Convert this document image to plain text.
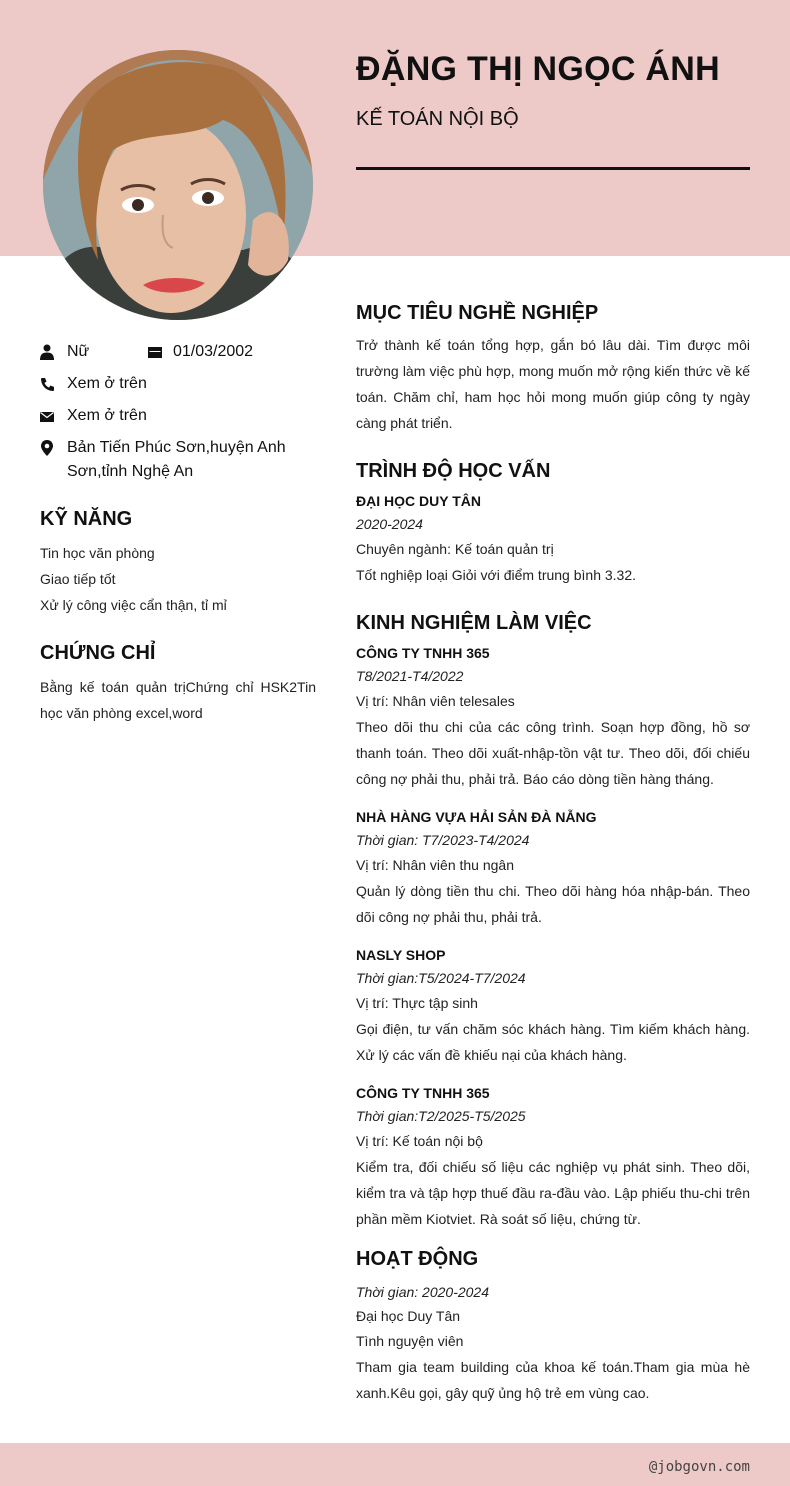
ĐẶNG THỊ NGỌC ÁNH
KẾ TOÁN NỘI BỘ
Nữ	01/03/2002
Xem ở trên
Xem ở trên
Bản Tiến Phúc Sơn,huyện Anh Sơn,tỉnh Nghệ An
KỸ NĂNG
Tin học văn phòng
Giao tiếp tốt
Xử lý công việc cẩn thận, tỉ mỉ
CHỨNG CHỈ
Bằng kế toán quản trịChứng chỉ HSK2Tin học văn phòng excel,word
MỤC TIÊU NGHỀ NGHIỆP
Trở thành kế toán tổng hợp, gắn bó lâu dài. Tìm được môi trường làm việc phù hợp, mong muốn mở rộng kiến thức về kế toán. Chăm chỉ, ham học hỏi mong muốn giúp công ty ngày càng phát triển.
TRÌNH ĐỘ HỌC VẤN
ĐẠI HỌC DUY TÂN
2020-2024
Chuyên ngành: Kế toán quản trị
Tốt nghiệp loại Giỏi với điểm trung bình 3.32.
KINH NGHIỆM LÀM VIỆC
CÔNG TY TNHH 365
T8/2021-T4/2022
Vị trí: Nhân viên telesales
Theo dõi thu chi của các công trình. Soạn hợp đồng, hồ sơ thanh toán. Theo dõi xuất-nhập-tồn vật tư. Theo dõi, đối chiếu công nợ phải thu, phải trả. Báo cáo dòng tiền hàng tháng.
NHÀ HÀNG VỰA HẢI SẢN ĐÀ NẴNG
Thời gian: T7/2023-T4/2024
Vị trí: Nhân viên thu ngân
Quản lý dòng tiền thu chi. Theo dõi hàng hóa nhập-bán. Theo dõi công nợ phải thu, phải trả.
NASLY SHOP
Thời gian:T5/2024-T7/2024
Vị trí: Thực tập sinh
Gọi điện, tư vấn chăm sóc khách hàng. Tìm kiếm khách hàng. Xử lý các vấn đề khiếu nại của khách hàng.
CÔNG TY TNHH 365
Thời gian:T2/2025-T5/2025
Vị trí: Kế toán nội bộ
Kiểm tra, đối chiếu số liệu các nghiệp vụ phát sinh. Theo dõi, kiểm tra và tập hợp thuế đầu ra-đầu vào. Lập phiếu thu-chi trên phần mềm Kiotviet. Rà soát số liệu, chứng từ.
HOẠT ĐỘNG
Thời gian: 2020-2024
Đại học Duy Tân
Tình nguyện viên
Tham gia team building của khoa kế toán.Tham gia mùa hè xanh.Kêu gọi, gây quỹ ủng hộ trẻ em vùng cao.
@jobgovn.com
